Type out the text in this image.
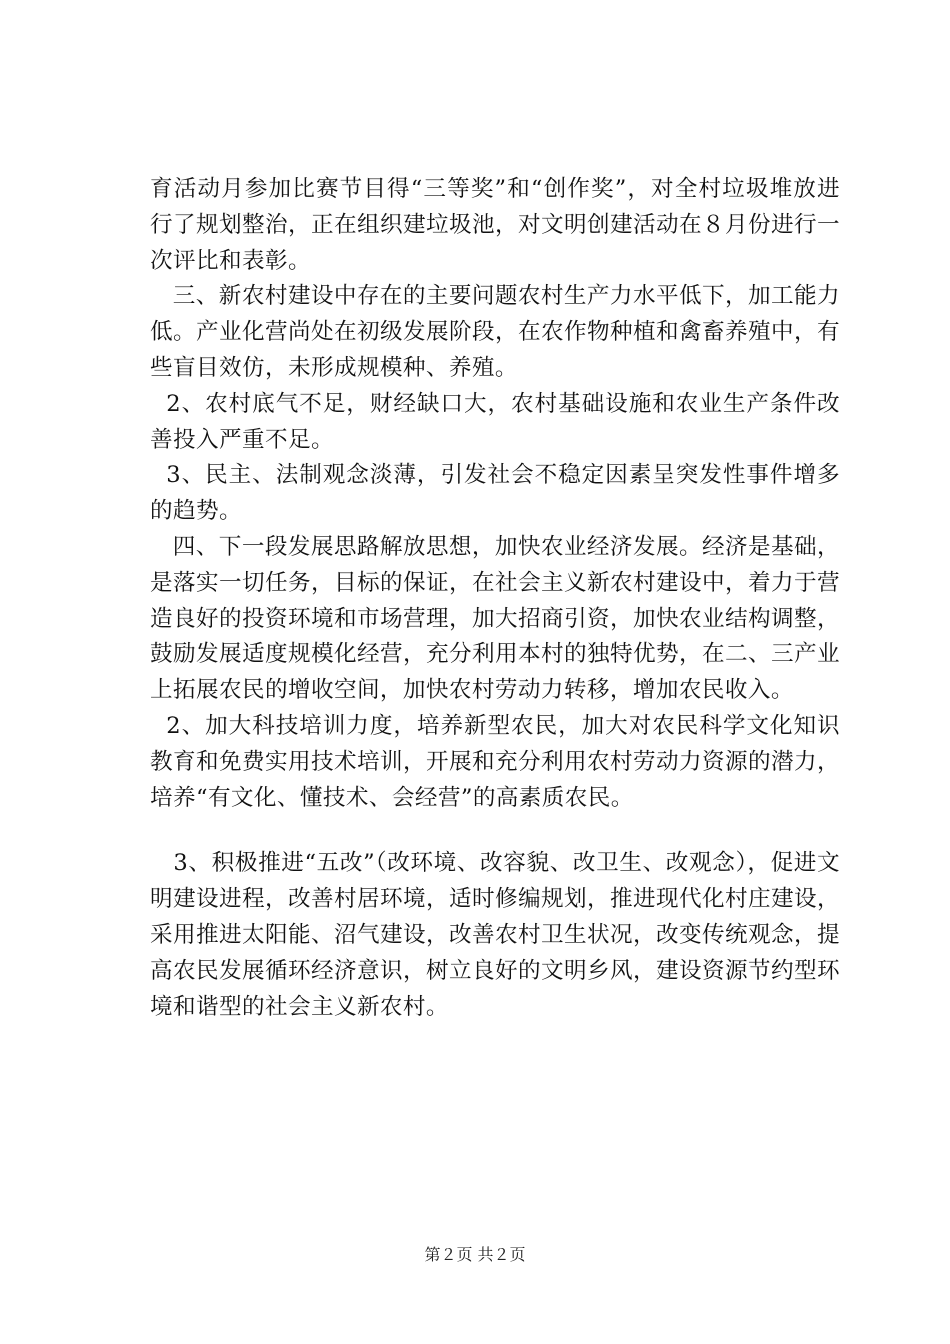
育活动月参加比赛节目得“三等奖”和“创作奖”，对全村垃圾堆放进行了规划整治，正在组织建垃圾池，对文明创建活动在８月份进行一次评比和表彰。

三、新农村建设中存在的主要问题农村生产力水平低下，加工能力低。产业化营尚处在初级发展阶段，在农作物种植和禽畜养殖中，有些盲目效仿，未形成规模种、养殖。

2、农村底气不足，财经缺口大，农村基础设施和农业生产条件改善投入严重不足。

3、民主、法制观念淡薄，引发社会不稳定因素呈突发性事件增多的趋势。

四、下一段发展思路解放思想，加快农业经济发展。经济是基础，是落实一切任务，目标的保证，在社会主义新农村建设中，着力于营造良好的投资环境和市场营理，加大招商引资，加快农业结构调整，鼓励发展适度规模化经营，充分利用本村的独特优势，在二、三产业上拓展农民的增收空间，加快农村劳动力转移，增加农民收入。

2、加大科技培训力度，培养新型农民，加大对农民科学文化知识教育和免费实用技术培训，开展和充分利用农村劳动力资源的潜力，培养“有文化、懂技术、会经营”的高素质农民。

3、积极推进“五改”（改环境、改容貌、改卫生、改观念），促进文明建设进程，改善村居环境，适时修编规划，推进现代化村庄建设，采用推进太阳能、沼气建设，改善农村卫生状况，改变传统观念，提高农民发展循环经济意识，树立良好的文明乡风，建设资源节约型环境和谐型的社会主义新农村。

第２页 共２页
